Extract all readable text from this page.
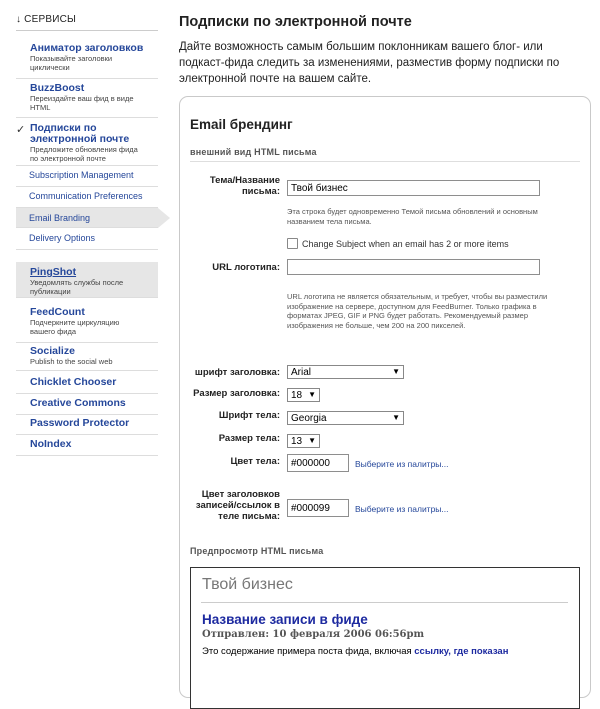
↓ СЕРВИСЫ
Аниматор заголовков
Показывайте заголовки циклически
BuzzBoost
Переиздайте ваш фид в виде HTML
✓ Подписки по электронной почте
Предложите обновления фида по электронной почте
Subscription Management
Communication Preferences
Email Branding
Delivery Options
PingShot
Уведомлять службы после публикации
FeedCount
Подчеркните циркуляцию вашего фида
Socialize
Publish to the social web
Chicklet Chooser
Creative Commons
Password Protector
NoIndex
Подписки по электронной почте
Дайте возможность самым большим поклонникам вашего блог- или подкаст-фида следить за изменениями, разместив форму подписки по электронной почте на вашем сайте.
Email брендинг
внешний вид HTML письма
Тема/Название письма:
Твой бизнес
Эта строка будет одновременно Темой письма обновлений и основным названием тела письма.
Change Subject when an email has 2 or more items
URL логотипа:
URL логотипа не является обязательным, и требует, чтобы вы разместили изображение на сервере, доступном для FeedBurner. Только графика в форматах JPEG, GIF и PNG будет работать. Рекомендуемый размер изображения не больше, чем 200 на 200 пикселей.
шрифт заголовка: Arial	▼
Размер заголовка: 18 ▼
Шрифт тела: Georgia	▼
Размер тела: 13 ▼
Цвет тела:
#000000	Выберите из палитры...
Цвет заголовков записей/ссылок в теле письма:
#000099
Выберите из палитры...
Предпросмотр HTML письма
Твой бизнес
Название записи в фиде
Отправлен: 10 февраля 2006 06:56pm
Это содержание примера поста фида, включая ссылку, где показан
